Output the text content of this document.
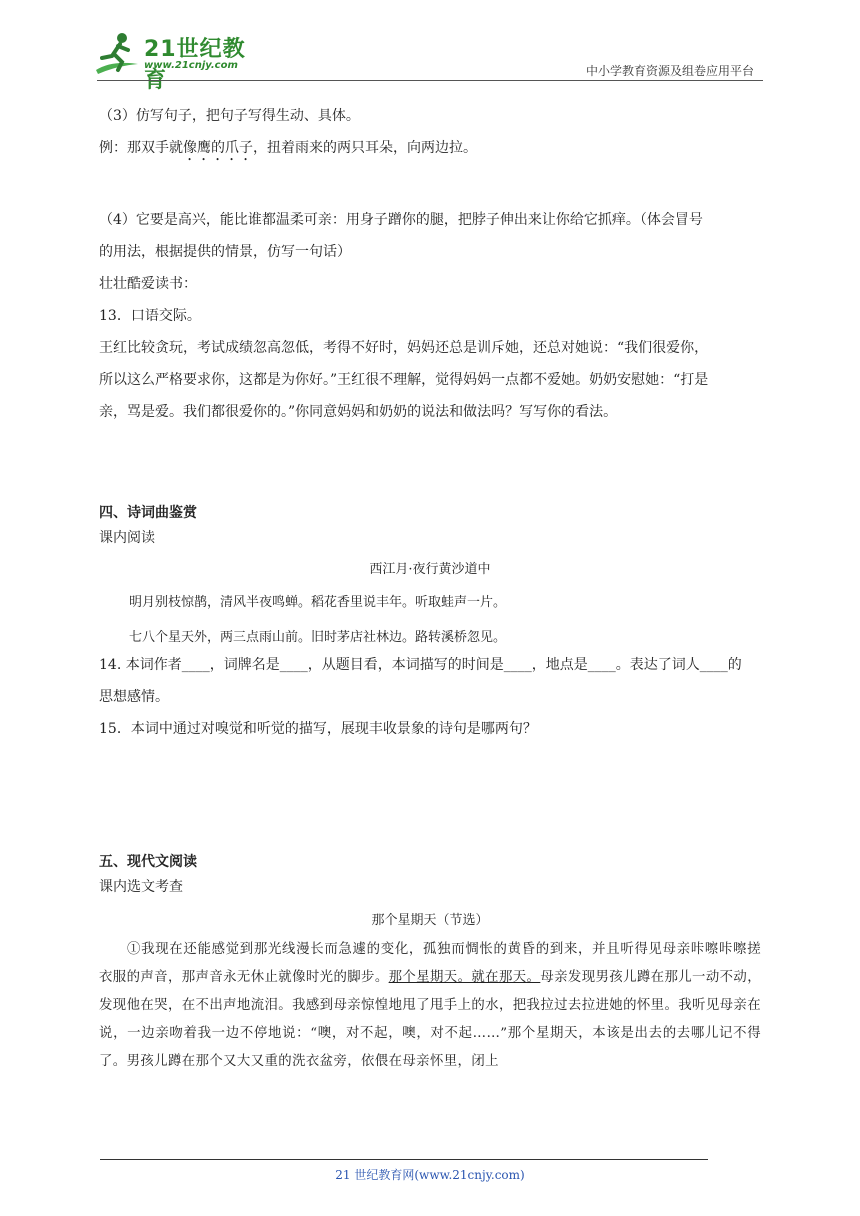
21世纪教育
www.21cnjy.com	中小学教育资源及组卷应用平台

（3）仿写句子，把句子写得生动、具体。

例：那双手就像鹰的爪子，扭着雨来的两只耳朵，向两边拉。

（4）它要是高兴，能比谁都温柔可亲：用身子蹭你的腿，把脖子伸出来让你给它抓痒。（体会冒号

的用法，根据提供的情景，仿写一句话）

壮壮酷爱读书：

13．口语交际。

王红比较贪玩，考试成绩忽高忽低，考得不好时，妈妈还总是训斥她，还总对她说：“我们很爱你，

所以这么严格要求你，这都是为你好。”王红很不理解，觉得妈妈一点都不爱她。奶奶安慰她：“打是

亲，骂是爱。我们都很爱你的。”你同意妈妈和奶奶的说法和做法吗？写写你的看法。

四、诗词曲鉴赏

课内阅读

西江月·夜行黄沙道中

明月别枝惊鹊，清风半夜鸣蝉。稻花香里说丰年。听取蛙声一片。

七八个星天外，两三点雨山前。旧时茅店社林边。路转溪桥忽见。

14. 本词作者____，词牌名是____，从题目看，本词描写的时间是____，地点是____。表达了词人____的

思想感情。

15．本词中通过对嗅觉和听觉的描写，展现丰收景象的诗句是哪两句？

五、现代文阅读

课内选文考查

那个星期天（节选）

①我现在还能感觉到那光线漫长而急遽的变化，孤独而惆怅的黄昏的到来，并且听得见母亲咔嚓咔嚓搓衣服的声音，那声音永无休止就像时光的脚步。那个星期天。就在那天。母亲发现男孩儿蹲在那儿一动不动，发现他在哭，在不出声地流泪。我感到母亲惊惶地甩了甩手上的水，把我拉过去拉进她的怀里。我听见母亲在说，一边亲吻着我一边不停地说：“噢，对不起，噢，对不起……”那个星期天，本该是出去的去哪儿记不得了。男孩儿蹲在那个又大又重的洗衣盆旁，依偎在母亲怀里，闭上

21 世纪教育网(www.21cnjy.com)
